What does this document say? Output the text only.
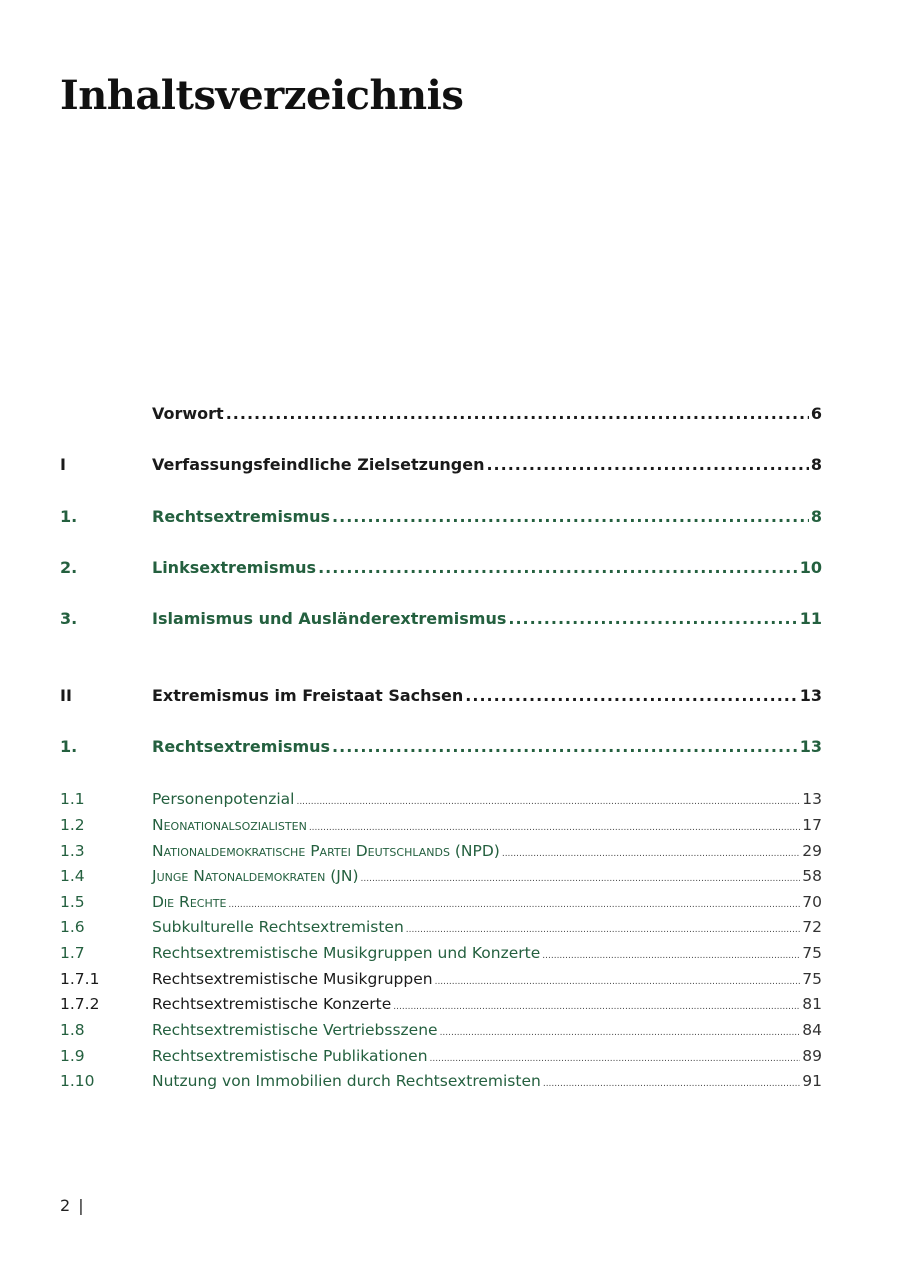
Inhaltsverzeichnis
Vorwort .....	6
I	Verfassungsfeindliche Zielsetzungen .....	8
1.	Rechtsextremismus .....	8
2.	Linksextremismus .....	10
3.	Islamismus und Ausländerextremismus .....	11
II	Extremismus im Freistaat Sachsen .....	13
1.	Rechtsextremismus .....	13
1.1	Personenpotenzial .....	13
1.2	Neonationalsozialisten .....	17
1.3	Nationaldemokratische Partei Deutschlands (NPD) .....	29
1.4	Junge Natonaldemokraten (JN) .....	58
1.5	Die Rechte .....	70
1.6	Subkulturelle Rechtsextremisten .....	72
1.7	Rechtsextremistische Musikgruppen und Konzerte .....	75
1.7.1	Rechtsextremistische Musikgruppen .....	75
1.7.2	Rechtsextremistische Konzerte .....	81
1.8	Rechtsextremistische Vertriebsszene .....	84
1.9	Rechtsextremistische Publikationen .....	89
1.10	Nutzung von Immobilien durch Rechtsextremisten .....	91
2 |
